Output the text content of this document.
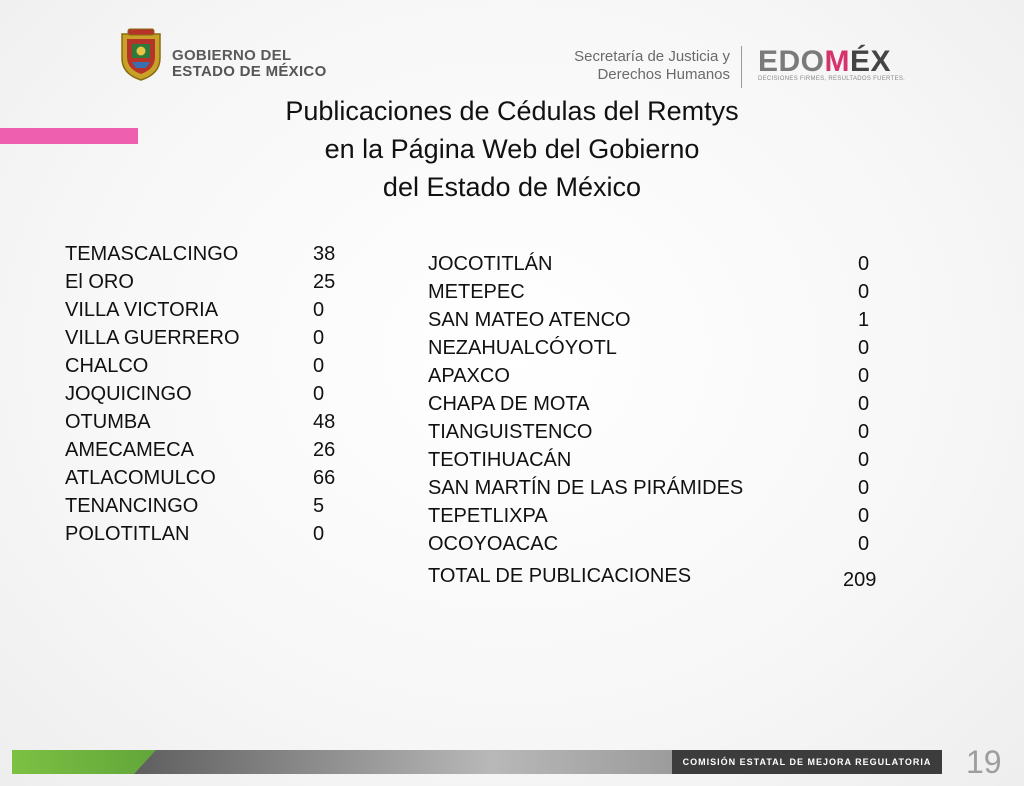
GOBIERNO DEL
ESTADO DE MÉXICO
Secretaría de Justicia y
Derechos Humanos EDOMÉX
DECISIONES FIRMES, RESULTADOS FUERTES.
Publicaciones de Cédulas del Remtys
en la Página Web del Gobierno
del Estado de México
TEMASCALCINGO	38
El ORO	25
VILLA VICTORIA	0
VILLA GUERRERO	0
CHALCO	0
JOQUICINGO	0
OTUMBA	48
AMECAMECA	26
ATLACOMULCO	66
TENANCINGO	5
POLOTITLAN	0
JOCOTITLÁN	0
METEPEC	0
SAN MATEO ATENCO	1
NEZAHUALCÓYOTL	0
APAXCO	0
CHAPA DE MOTA	0
TIANGUISTENCO	0
TEOTIHUACÁN	0
SAN MARTÍN DE LAS PIRÁMIDES	0
TEPETLIXPA	0
OCOYOACAC	0
TOTAL DE PUBLICACIONES	209
COMISIÓN ESTATAL DE MEJORA REGULATORIA	19
